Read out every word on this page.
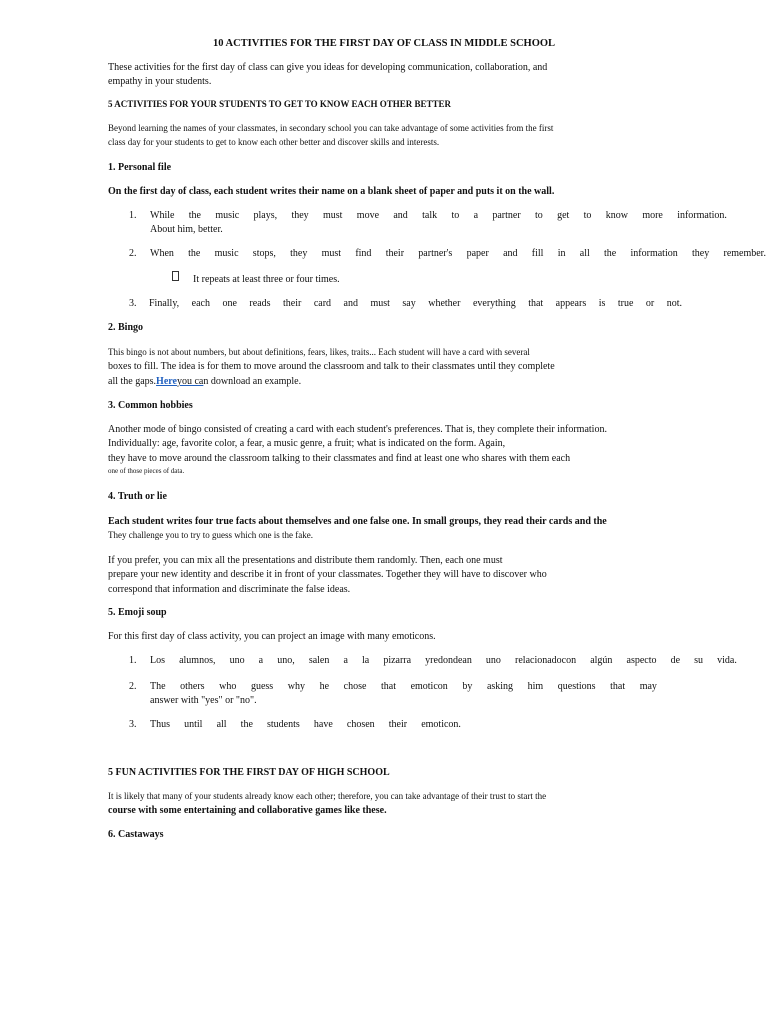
10 ACTIVITIES FOR THE FIRST DAY OF CLASS IN MIDDLE SCHOOL
These activities for the first day of class can give you ideas for developing communication, collaboration, and
empathy in your students.
5 ACTIVITIES FOR YOUR STUDENTS TO GET TO KNOW EACH OTHER BETTER
Beyond learning the names of your classmates, in secondary school you can take advantage of some activities from the first
class day for your students to get to know each other better and discover skills and interests.
1. Personal file
On the first day of class, each student writes their name on a blank sheet of paper and puts it on the wall.
1. While the music plays, they must move and talk to a partner to get to know more information.
About him, better.
2. When the music stops, they must find their partner's paper and fill in all the information they remember.
It repeats at least three or four times.
3. Finally, each one reads their card and must say whether everything that appears is true or not.
2. Bingo
This bingo is not about numbers, but about definitions, fears, likes, traits... Each student will have a card with several
boxes to fill. The idea is for them to move around the classroom and talk to their classmates until they complete
all the gaps.Hereyou can download an example.
3. Common hobbies
Another mode of bingo consisted of creating a card with each student's preferences. That is, they complete their information.
Individually: age, favorite color, a fear, a music genre, a fruit; what is indicated on the form. Again,
they have to move around the classroom talking to their classmates and find at least one who shares with them each
one of those pieces of data.
4. Truth or lie
Each student writes four true facts about themselves and one false one. In small groups, they read their cards and the
They challenge you to try to guess which one is the fake.
If you prefer, you can mix all the presentations and distribute them randomly. Then, each one must
prepare your new identity and describe it in front of your classmates. Together they will have to discover who
correspond that information and discriminate the false ideas.
5. Emoji soup
For this first day of class activity, you can project an image with many emoticons.
1. Los alumnos, uno a uno, salen a la pizarra yredondean uno relacionadocon algún aspecto de su vida.
2. The others who guess why he chose that emoticon by asking him questions that may
answer with "yes" or "no".
3. Thus until all the students have chosen their emoticon.
5 FUN ACTIVITIES FOR THE FIRST DAY OF HIGH SCHOOL
It is likely that many of your students already know each other; therefore, you can take advantage of their trust to start the
course with some entertaining and collaborative games like these.
6. Castaways
